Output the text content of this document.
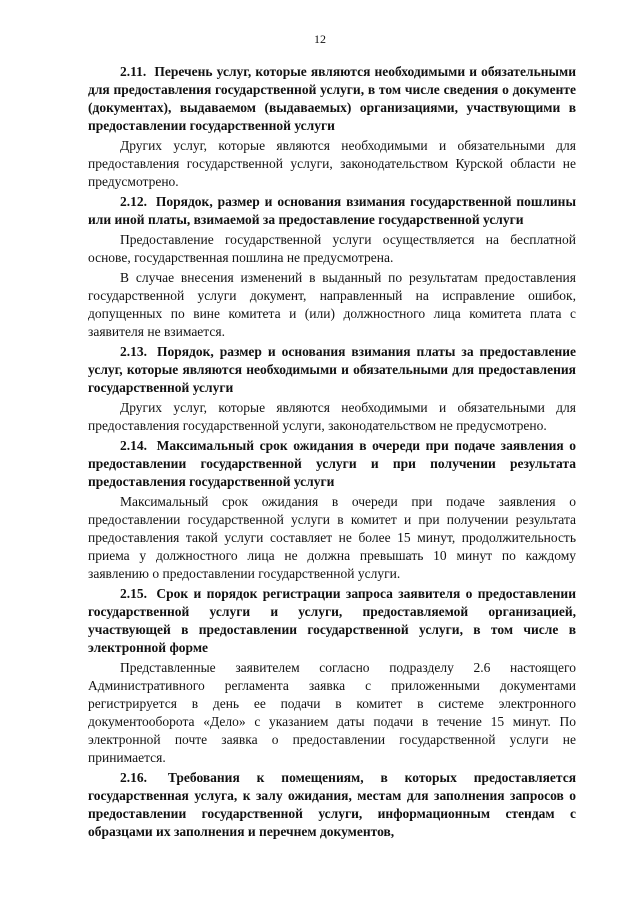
12

2.11. Перечень услуг, которые являются необходимыми и обязательными для предоставления государственной услуги, в том числе сведения о документе (документах), выдаваемом (выдаваемых) организациями, участвующими в предоставлении государственной услуги

Других услуг, которые являются необходимыми и обязательными для предоставления государственной услуги, законодательством Курской области не предусмотрено.

2.12. Порядок, размер и основания взимания государственной пошлины или иной платы, взимаемой за предоставление государственной услуги

Предоставление государственной услуги осуществляется на бесплатной основе, государственная пошлина не предусмотрена.

В случае внесения изменений в выданный по результатам предоставления государственной услуги документ, направленный на исправление ошибок, допущенных по вине комитета и (или) должностного лица комитета плата с заявителя не взимается.

2.13. Порядок, размер и основания взимания платы за предоставление услуг, которые являются необходимыми и обязательными для предоставления государственной услуги

Других услуг, которые являются необходимыми и обязательными для предоставления государственной услуги, законодательством не предусмотрено.

2.14. Максимальный срок ожидания в очереди при подаче заявления о предоставлении государственной услуги и при получении результата предоставления государственной услуги

Максимальный срок ожидания в очереди при подаче заявления о предоставлении государственной услуги в комитет и при получении результата предоставления такой услуги составляет не более 15 минут, продолжительность приема у должностного лица не должна превышать 10 минут по каждому заявлению о предоставлении государственной услуги.

2.15. Срок и порядок регистрации запроса заявителя о предоставлении государственной услуги и услуги, предоставляемой организацией, участвующей в предоставлении государственной услуги, в том числе в электронной форме

Представленные заявителем согласно подразделу 2.6 настоящего Административного регламента заявка с приложенными документами регистрируется в день ее подачи в комитет в системе электронного документооборота «Дело» с указанием даты подачи в течение 15 минут. По электронной почте заявка о предоставлении государственной услуги не принимается.

2.16. Требования к помещениям, в которых предоставляется государственная услуга, к залу ожидания, местам для заполнения запросов о предоставлении государственной услуги, информационным стендам с образцами их заполнения и перечнем документов,
